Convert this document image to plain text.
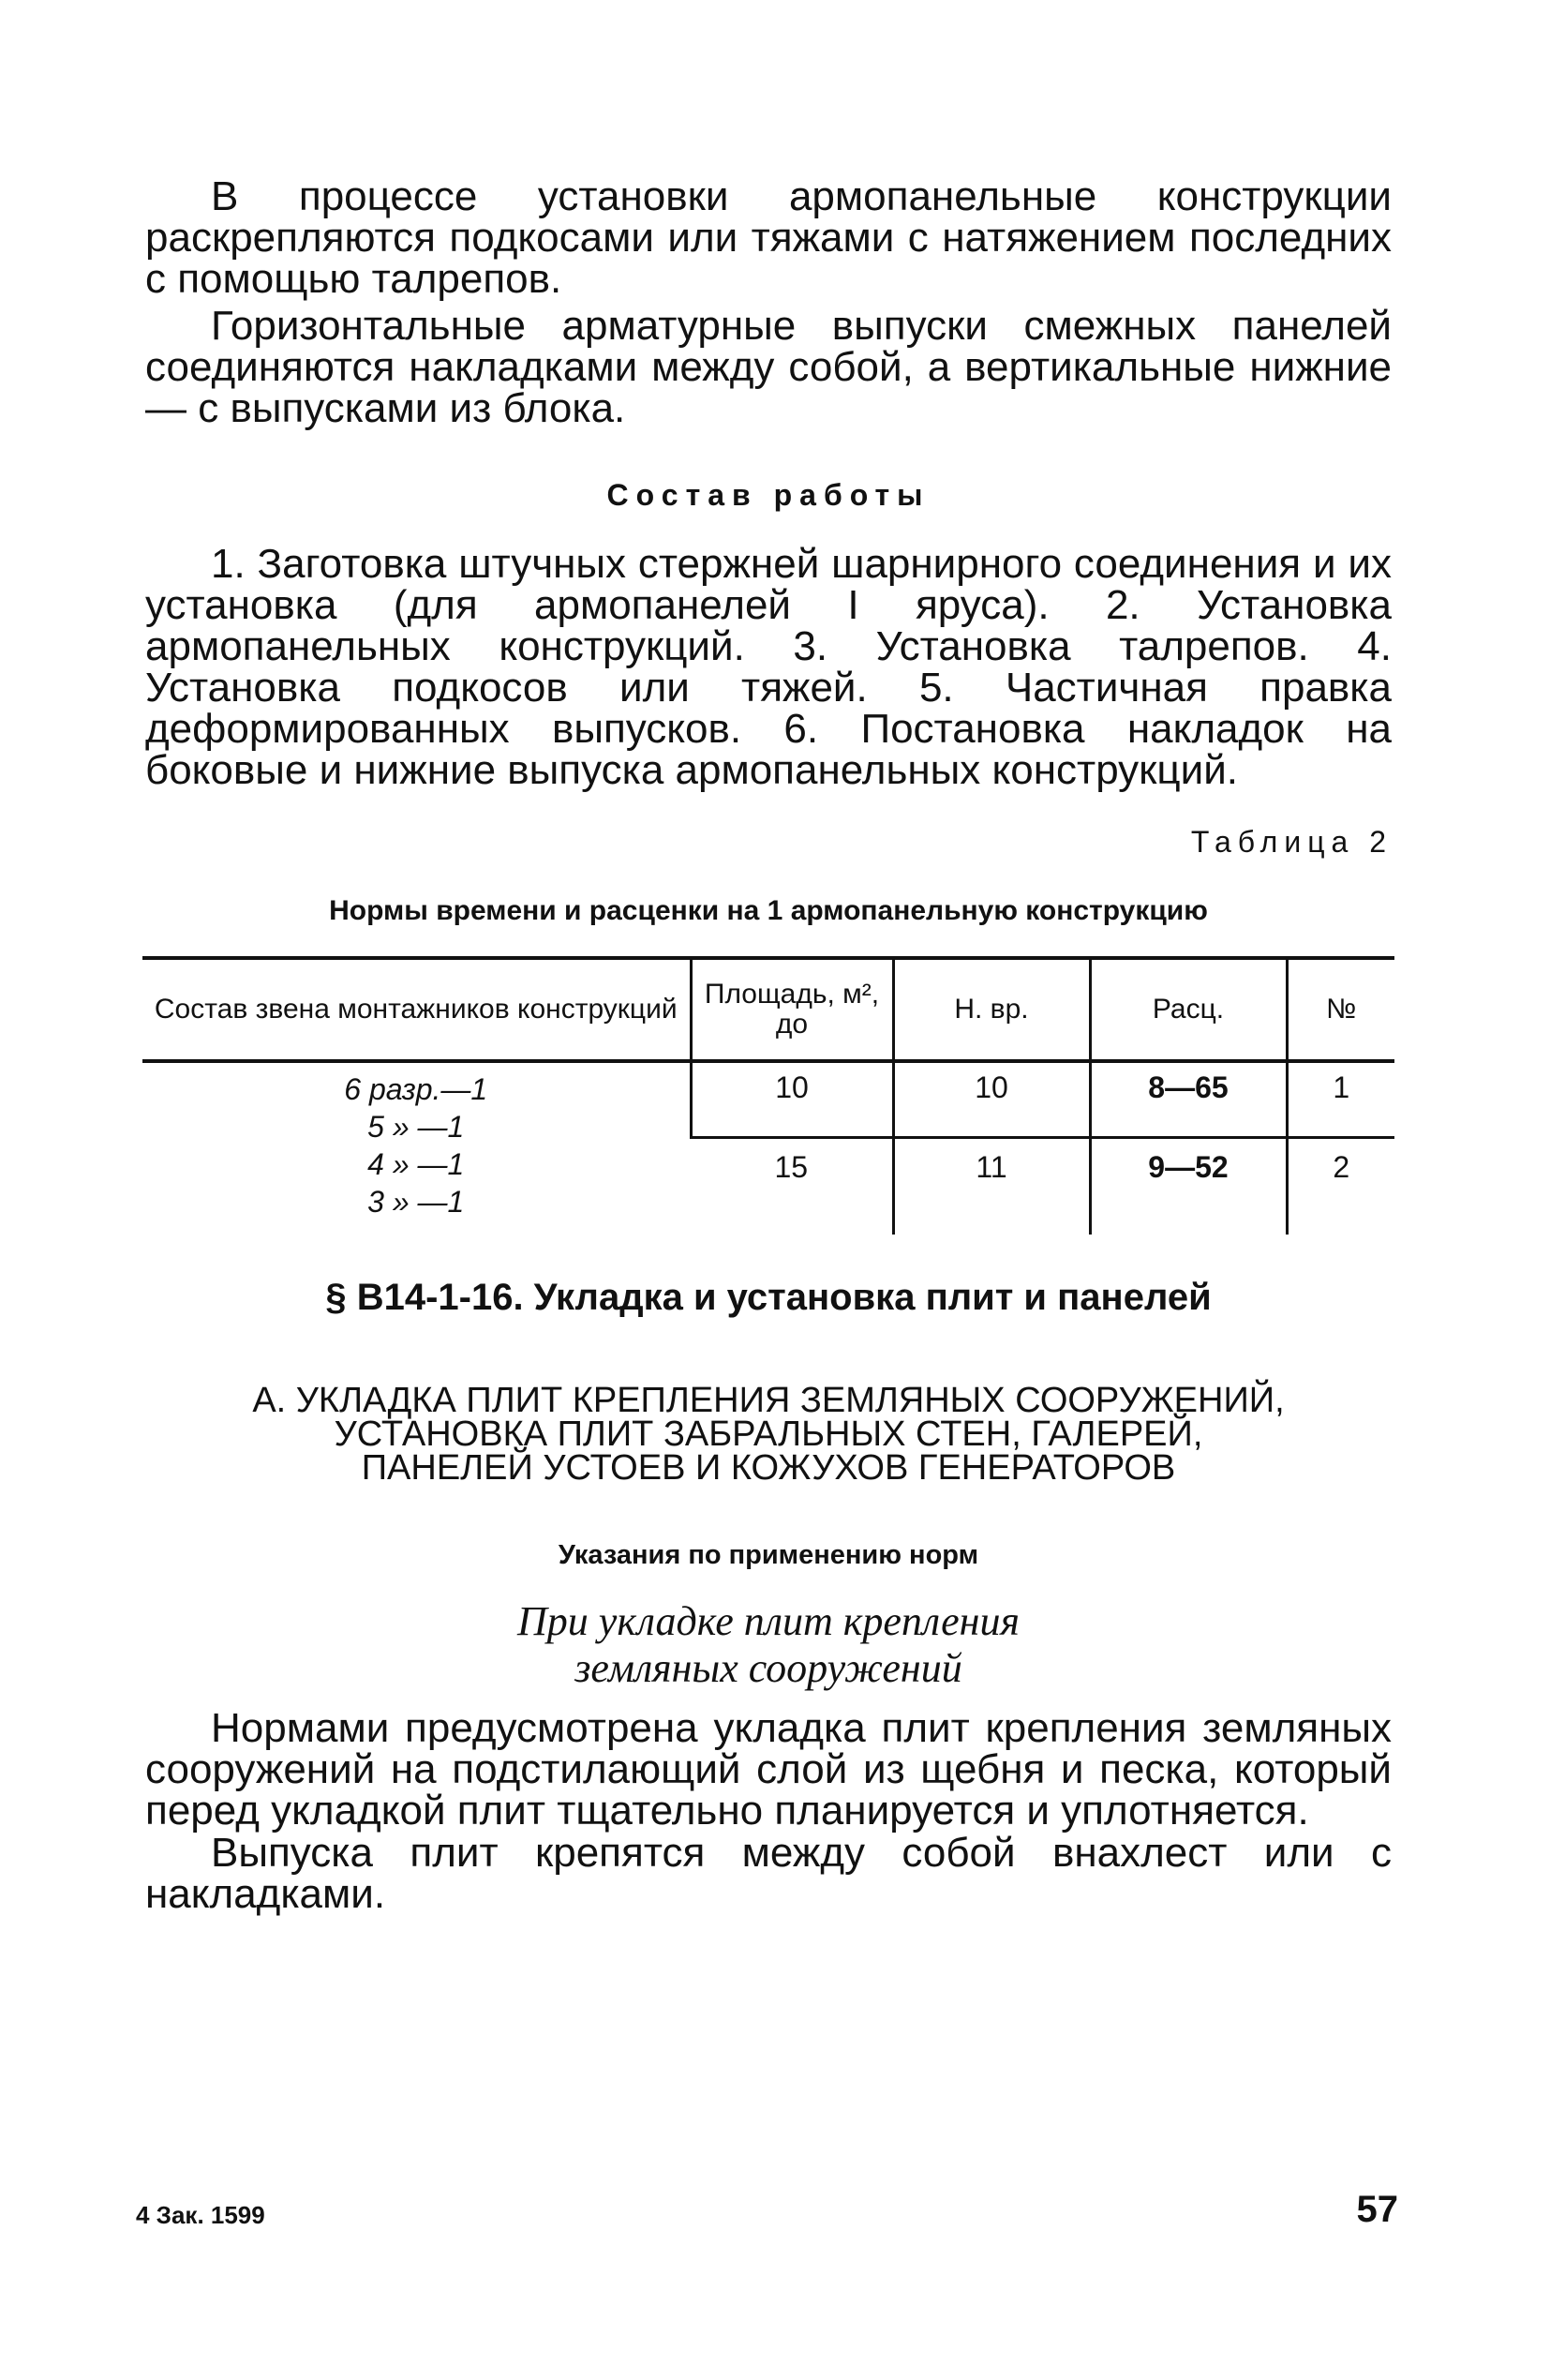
В процессе установки армопанельные конструкции раскрепляются подкосами или тяжами с натяжением последних с помощью талрепов.
Горизонтальные арматурные выпуски смежных панелей соединяются накладками между собой, а вертикальные нижние — с выпусками из блока.
Состав работы
1. Заготовка штучных стержней шарнирного соединения и их установка (для армопанелей I яруса). 2. Установка армопанельных конструкций. 3. Установка талрепов. 4. Установка подкосов или тяжей. 5. Частичная правка деформированных выпусков. 6. Постановка накладок на боковые и нижние выпуска армопанельных конструкций.
Таблица 2
Нормы времени и расценки на 1 армопанельную конструкцию
Состав звена монтажников конструкций	Площадь, м², до	Н. вр.	Расц.	№

6 разр.—1
5 » —1
4 » —1
3 » —1	10	10	8—65	1
	15	11	9—52	2
§ В14-1-16. Укладка и установка плит и панелей
А. УКЛАДКА ПЛИТ КРЕПЛЕНИЯ ЗЕМЛЯНЫХ СООРУЖЕНИЙ,
УСТАНОВКА ПЛИТ ЗАБРАЛЬНЫХ СТЕН, ГАЛЕРЕЙ,
ПАНЕЛЕЙ УСТОЕВ И КОЖУХОВ ГЕНЕРАТОРОВ
Указания по применению норм
При укладке плит крепления
земляных сооружений
Нормами предусмотрена укладка плит крепления земляных сооружений на подстилающий слой из щебня и песка, который перед укладкой плит тщательно планируется и уплотняется.
Выпуска плит крепятся между собой внахлест или с накладками.
4 Зак. 1599	57
